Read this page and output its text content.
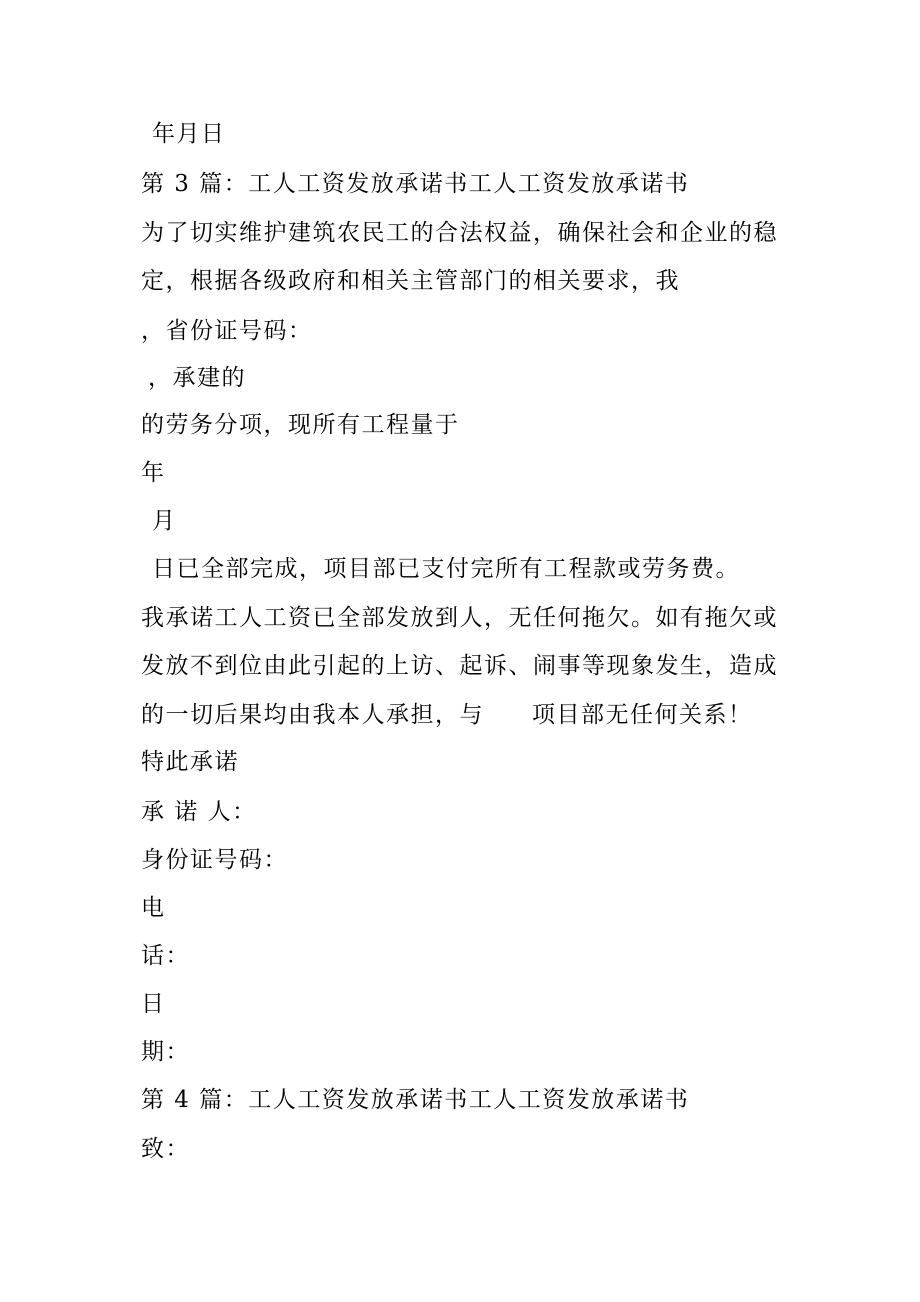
年月日
第 3 篇：工人工资发放承诺书工人工资发放承诺书
为了切实维护建筑农民工的合法权益，确保社会和企业的稳
定，根据各级政府和相关主管部门的相关要求，我
，省份证号码：
，承建的
的劳务分项，现所有工程量于
年
月
日已全部完成，项目部已支付完所有工程款或劳务费。
我承诺工人工资已全部发放到人，无任何拖欠。如有拖欠或
发放不到位由此引起的上访、起诉、闹事等现象发生，造成
的一切后果均由我本人承担，与 项目部无任何关系！
特此承诺
承 诺 人：
身份证号码：
电
话：
日
期：
第 4 篇：工人工资发放承诺书工人工资发放承诺书
致：
